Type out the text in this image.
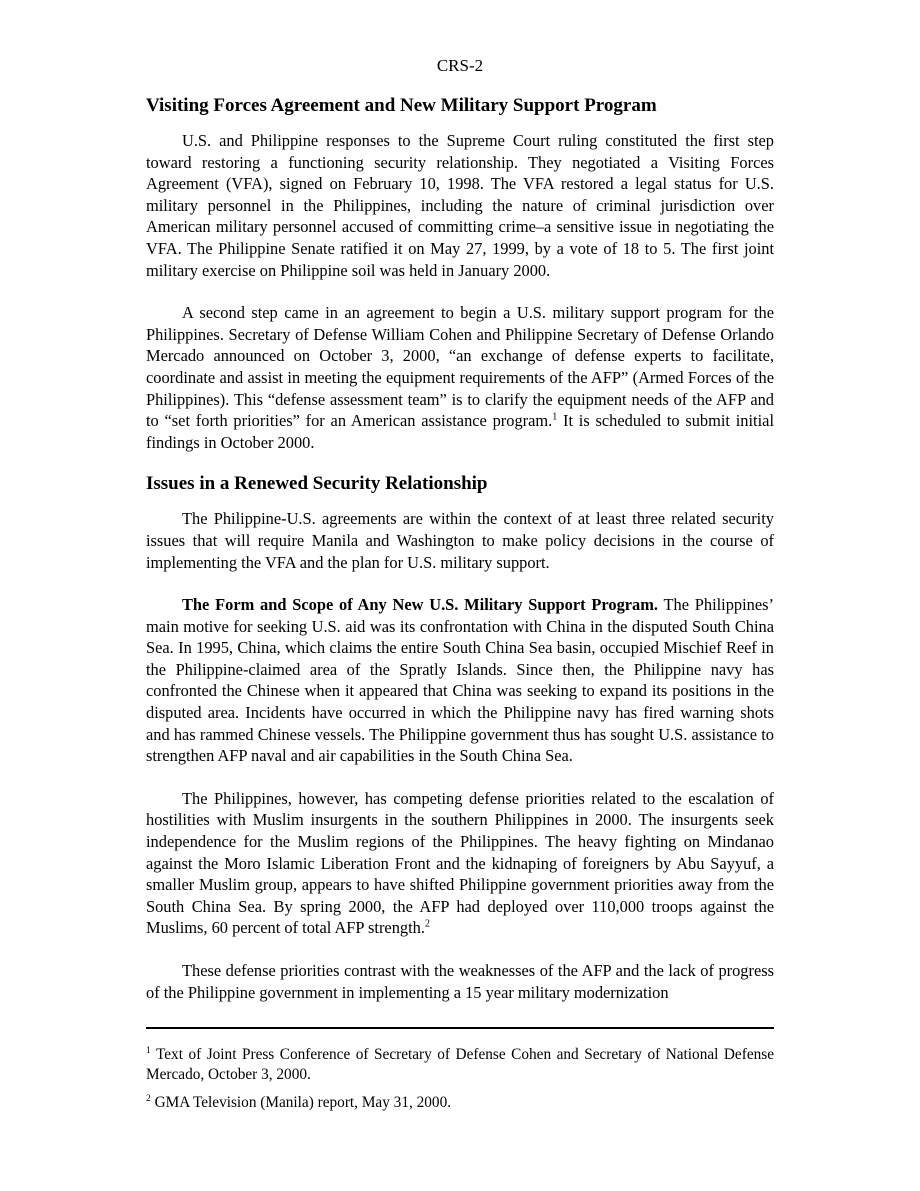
CRS-2
Visiting Forces Agreement and New Military Support Program

U.S. and Philippine responses to the Supreme Court ruling constituted the first step toward restoring a functioning security relationship. They negotiated a Visiting Forces Agreement (VFA), signed on February 10, 1998. The VFA restored a legal status for U.S. military personnel in the Philippines, including the nature of criminal jurisdiction over American military personnel accused of committing crime–a sensitive issue in negotiating the VFA. The Philippine Senate ratified it on May 27, 1999, by a vote of 18 to 5. The first joint military exercise on Philippine soil was held in January 2000.

A second step came in an agreement to begin a U.S. military support program for the Philippines. Secretary of Defense William Cohen and Philippine Secretary of Defense Orlando Mercado announced on October 3, 2000, “an exchange of defense experts to facilitate, coordinate and assist in meeting the equipment requirements of the AFP” (Armed Forces of the Philippines). This “defense assessment team” is to clarify the equipment needs of the AFP and to “set forth priorities” for an American assistance program.$^1$ It is scheduled to submit initial findings in October 2000.

Issues in a Renewed Security Relationship

The Philippine-U.S. agreements are within the context of at least three related security issues that will require Manila and Washington to make policy decisions in the course of implementing the VFA and the plan for U.S. military support.

The Form and Scope of Any New U.S. Military Support Program. The Philippines’ main motive for seeking U.S. aid was its confrontation with China in the disputed South China Sea. In 1995, China, which claims the entire South China Sea basin, occupied Mischief Reef in the Philippine-claimed area of the Spratly Islands. Since then, the Philippine navy has confronted the Chinese when it appeared that China was seeking to expand its positions in the disputed area. Incidents have occurred in which the Philippine navy has fired warning shots and has rammed Chinese vessels. The Philippine government thus has sought U.S. assistance to strengthen AFP naval and air capabilities in the South China Sea.

The Philippines, however, has competing defense priorities related to the escalation of hostilities with Muslim insurgents in the southern Philippines in 2000. The insurgents seek independence for the Muslim regions of the Philippines. The heavy fighting on Mindanao against the Moro Islamic Liberation Front and the kidnaping of foreigners by Abu Sayyuf, a smaller Muslim group, appears to have shifted Philippine government priorities away from the South China Sea. By spring 2000, the AFP had deployed over 110,000 troops against the Muslims, 60 percent of total AFP strength.$^2$

These defense priorities contrast with the weaknesses of the AFP and the lack of progress of the Philippine government in implementing a 15 year military modernization

$^1$ Text of Joint Press Conference of Secretary of Defense Cohen and Secretary of National Defense Mercado, October 3, 2000.

$^2$ GMA Television (Manila) report, May 31, 2000.
